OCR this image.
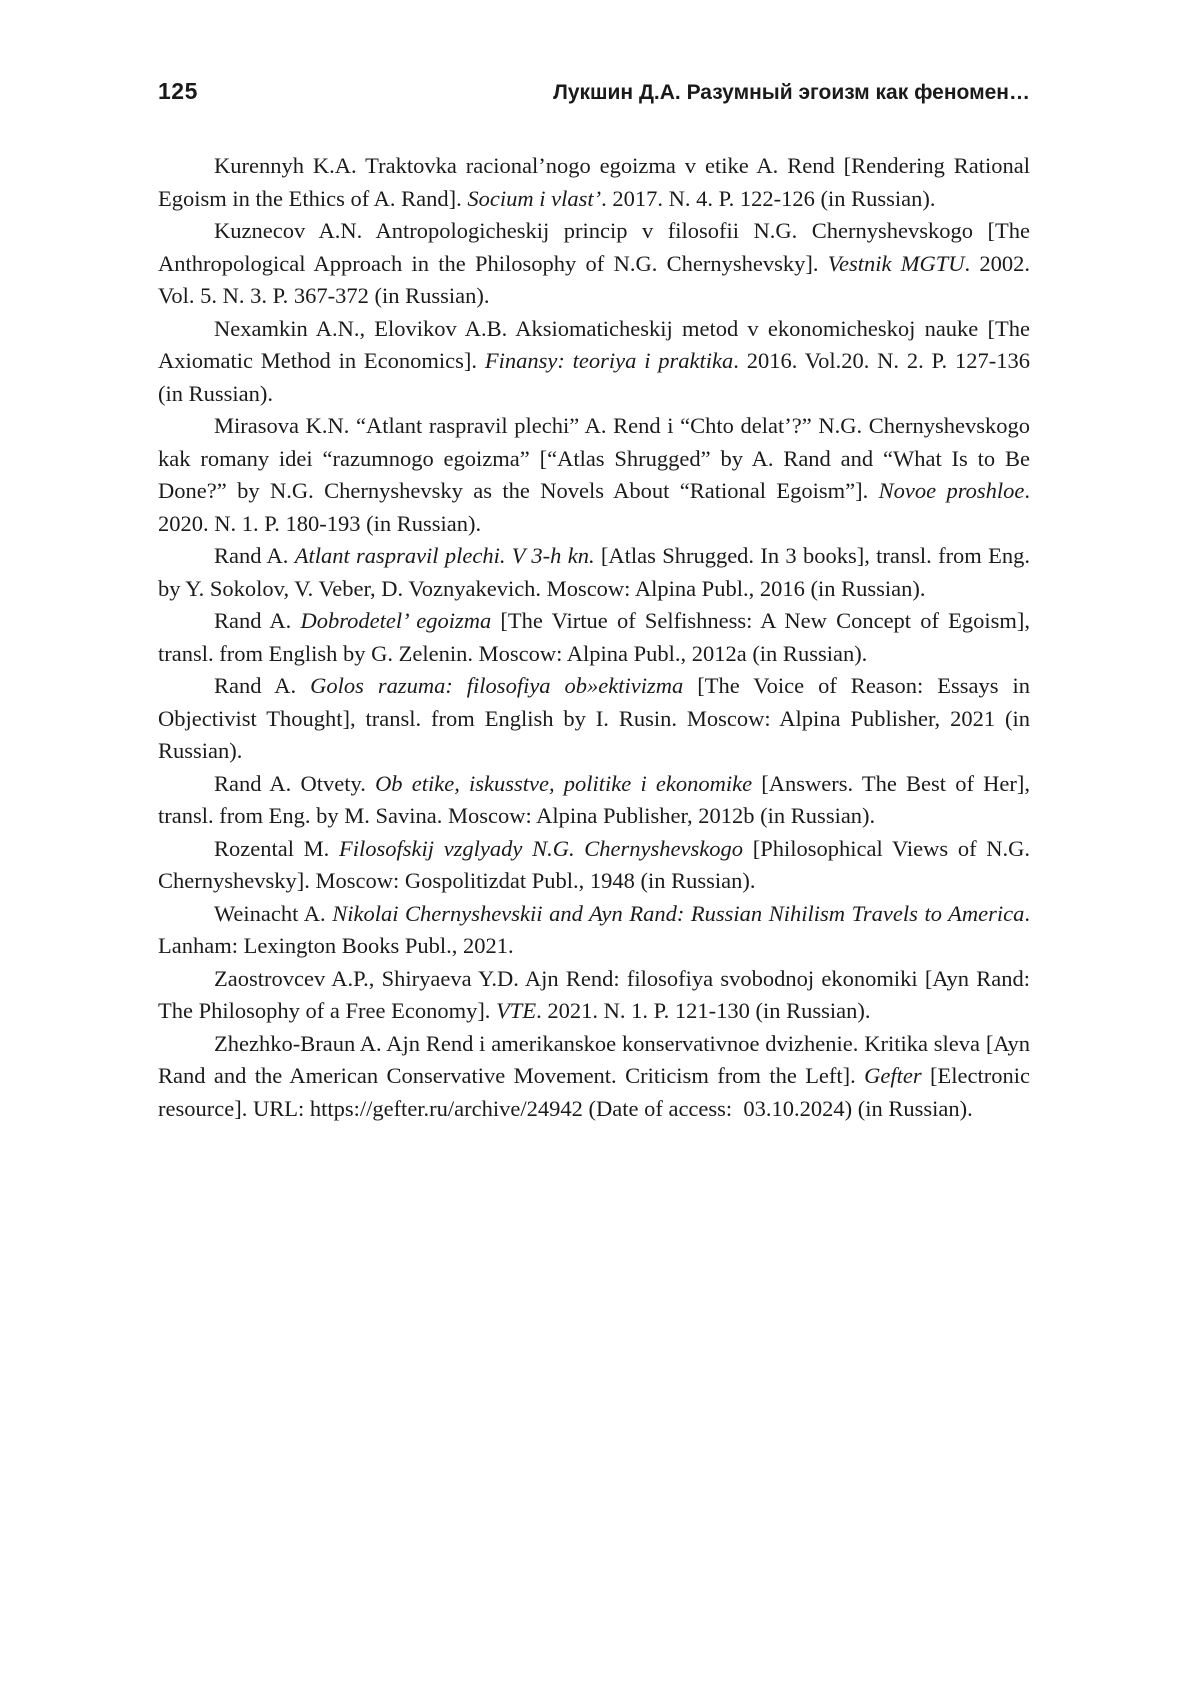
125	Лукшин Д.А. Разумный эгоизм как феномен…

Kurennyh K.A. Traktovka racional’nogo egoizma v etike A. Rend [Rendering Rational Egoism in the Ethics of A. Rand]. Socium i vlast’. 2017. N. 4. P. 122-126 (in Russian).

Kuznecov A.N. Antropologicheskij princip v filosofii N.G. Chernyshevskogo [The Anthropological Approach in the Philosophy of N.G. Chernyshevsky]. Vestnik MGTU. 2002. Vol. 5. N. 3. P. 367-372 (in Russian).

Nexamkin A.N., Elovikov A.B. Aksiomaticheskij metod v ekonomicheskoj nauke [The Axiomatic Method in Economics]. Finansy: teoriya i praktika. 2016. Vol.20. N. 2. P. 127-136 (in Russian).

Mirasova K.N. “Atlant raspravil plechi” A. Rend i “Chto delat’?” N.G. Chernyshevskogo kak romany idei “razumnogo egoizma” [“Atlas Shrugged” by A. Rand and “What Is to Be Done?” by N.G. Chernyshevsky as the Novels About “Rational Egoism”]. Novoe proshloe. 2020. N. 1. P. 180-193 (in Russian).

Rand A. Atlant raspravil plechi. V 3-h kn. [Atlas Shrugged. In 3 books], transl. from Eng. by Y. Sokolov, V. Veber, D. Voznyakevich. Moscow: Alpina Publ., 2016 (in Russian).

Rand A. Dobrodetel’ egoizma [The Virtue of Selfishness: A New Concept of Egoism], transl. from English by G. Zelenin. Moscow: Alpina Publ., 2012a (in Russian).

Rand A. Golos razuma: filosofiya ob»ektivizma [The Voice of Reason: Essays in Objectivist Thought], transl. from English by I. Rusin. Moscow: Alpina Publisher, 2021 (in Russian).

Rand A. Otvety. Ob etike, iskusstve, politike i ekonomike [Answers. The Best of Her], transl. from Eng. by M. Savina. Moscow: Alpina Publisher, 2012b (in Russian).

Rozental M. Filosofskij vzglyady N.G. Chernyshevskogo [Philosophical Views of N.G. Chernyshevsky]. Moscow: Gospolitizdat Publ., 1948 (in Russian).

Weinacht A. Nikolai Chernyshevskii and Ayn Rand: Russian Nihilism Travels to America. Lanham: Lexington Books Publ., 2021.

Zaostrovcev A.P., Shiryaeva Y.D. Ajn Rend: filosofiya svobodnoj ekonomiki [Ayn Rand: The Philosophy of a Free Economy]. VTE. 2021. N. 1. P. 121-130 (in Russian).

Zhezhko-Braun A. Ajn Rend i amerikanskoe konservativnoe dvizhenie. Kritika sleva [Ayn Rand and the American Conservative Movement. Criticism from the Left]. Gefter [Electronic resource]. URL: https://gefter.ru/archive/24942 (Date of access:  03.10.2024) (in Russian).
